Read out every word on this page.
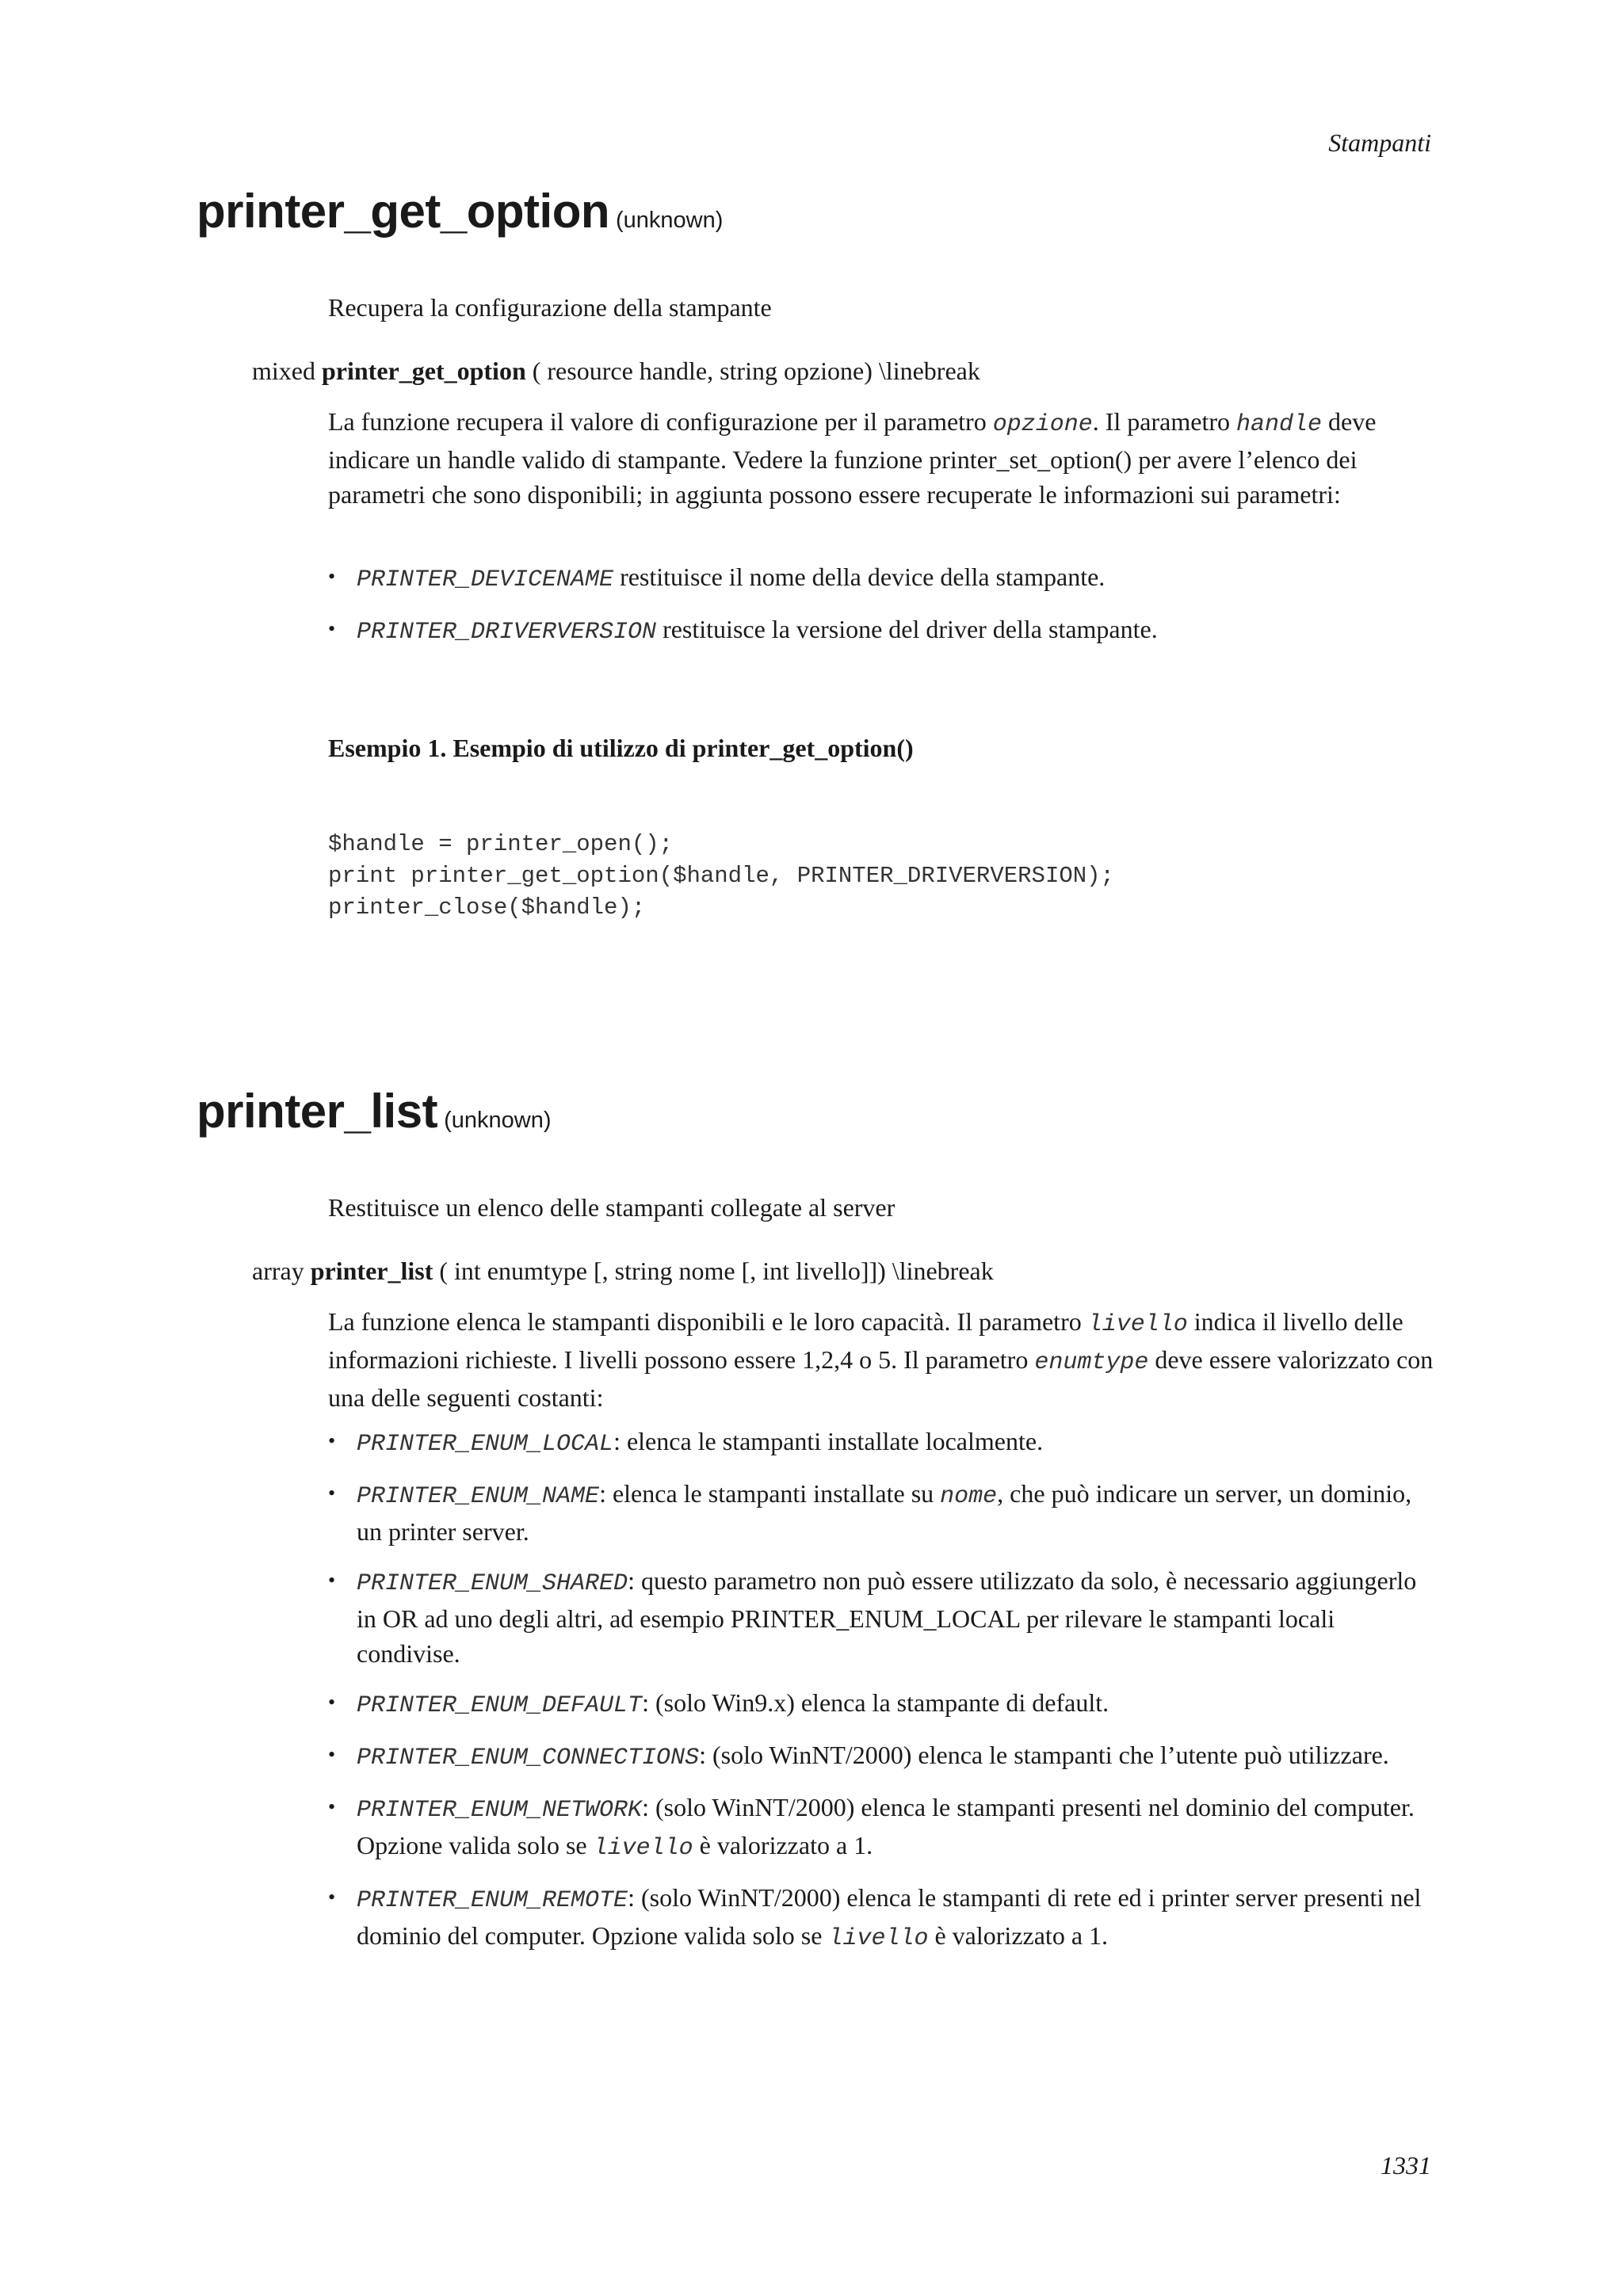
Stampanti
printer_get_option (unknown)

Recupera la configurazione della stampante

mixed printer_get_option ( resource handle, string opzione) \linebreak

La funzione recupera il valore di configurazione per il parametro opzione. Il parametro handle deve indicare un handle valido di stampante. Vedere la funzione printer_set_option() per avere l’elenco dei parametri che sono disponibili; in aggiunta possono essere recuperate le informazioni sui parametri:

• PRINTER_DEVICENAME restituisce il nome della device della stampante.
• PRINTER_DRIVERVERSION restituisce la versione del driver della stampante.

Esempio 1. Esempio di utilizzo di printer_get_option()

$handle = printer_open();
print printer_get_option($handle, PRINTER_DRIVERVERSION);
printer_close($handle);
printer_list (unknown)

Restituisce un elenco delle stampanti collegate al server

array printer_list ( int enumtype [, string nome [, int livello]]) \linebreak

La funzione elenca le stampanti disponibili e le loro capacità. Il parametro livello indica il livello delle informazioni richieste. I livelli possono essere 1,2,4 o 5. Il parametro enumtype deve essere valorizzato con una delle seguenti costanti:

• PRINTER_ENUM_LOCAL: elenca le stampanti installate localmente.
• PRINTER_ENUM_NAME: elenca le stampanti installate su nome, che può indicare un server, un dominio, un printer server.
• PRINTER_ENUM_SHARED: questo parametro non può essere utilizzato da solo, è necessario aggiungerlo in OR ad uno degli altri, ad esempio PRINTER_ENUM_LOCAL per rilevare le stampanti locali condivise.
• PRINTER_ENUM_DEFAULT: (solo Win9.x) elenca la stampante di default.
• PRINTER_ENUM_CONNECTIONS: (solo WinNT/2000) elenca le stampanti che l’utente può utilizzare.
• PRINTER_ENUM_NETWORK: (solo WinNT/2000) elenca le stampanti presenti nel dominio del computer. Opzione valida solo se livello è valorizzato a 1.
• PRINTER_ENUM_REMOTE: (solo WinNT/2000) elenca le stampanti di rete ed i printer server presenti nel dominio del computer. Opzione valida solo se livello è valorizzato a 1.
1331
